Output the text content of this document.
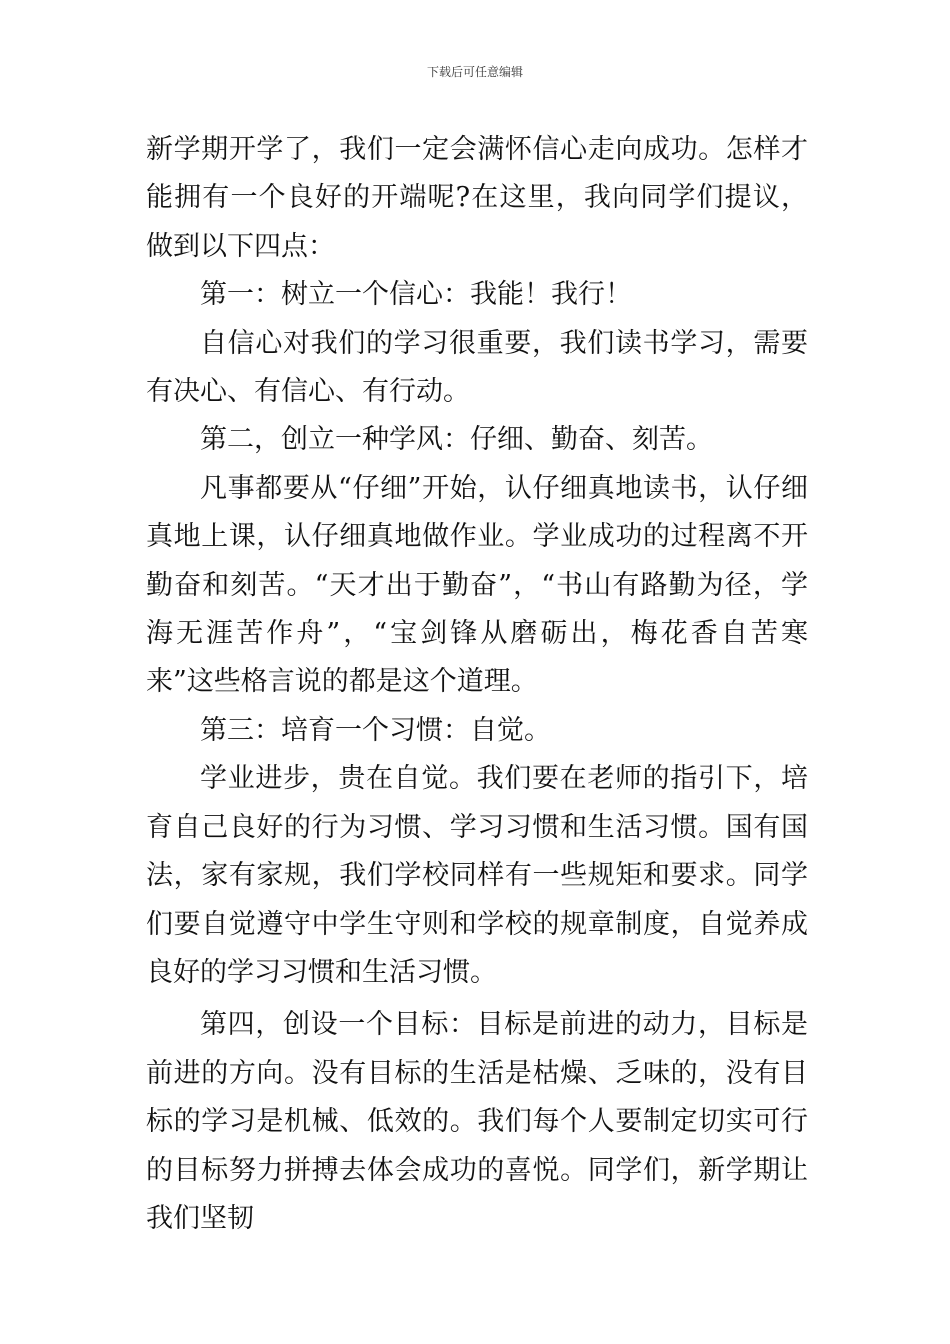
下载后可任意编辑

新学期开学了，我们一定会满怀信心走向成功。怎样才能拥有一个良好的开端呢?在这里，我向同学们提议，做到以下四点：

第一：树立一个信心：我能！我行！

自信心对我们的学习很重要，我们读书学习，需要有决心、有信心、有行动。

第二，创立一种学风：仔细、勤奋、刻苦。

凡事都要从“仔细”开始，认仔细真地读书，认仔细真地上课，认仔细真地做作业。学业成功的过程离不开勤奋和刻苦。“天才出于勤奋”，“书山有路勤为径，学海无涯苦作舟”，“宝剑锋从磨砺出，梅花香自苦寒来”这些格言说的都是这个道理。

第三：培育一个习惯：自觉。

学业进步，贵在自觉。我们要在老师的指引下，培育自己良好的行为习惯、学习习惯和生活习惯。国有国法，家有家规，我们学校同样有一些规矩和要求。同学们要自觉遵守中学生守则和学校的规章制度，自觉养成良好的学习习惯和生活习惯。

第四，创设一个目标：目标是前进的动力，目标是前进的方向。没有目标的生活是枯燥、乏味的，没有目标的学习是机械、低效的。我们每个人要制定切实可行的目标努力拼搏去体会成功的喜悦。同学们，新学期让我们坚韧
